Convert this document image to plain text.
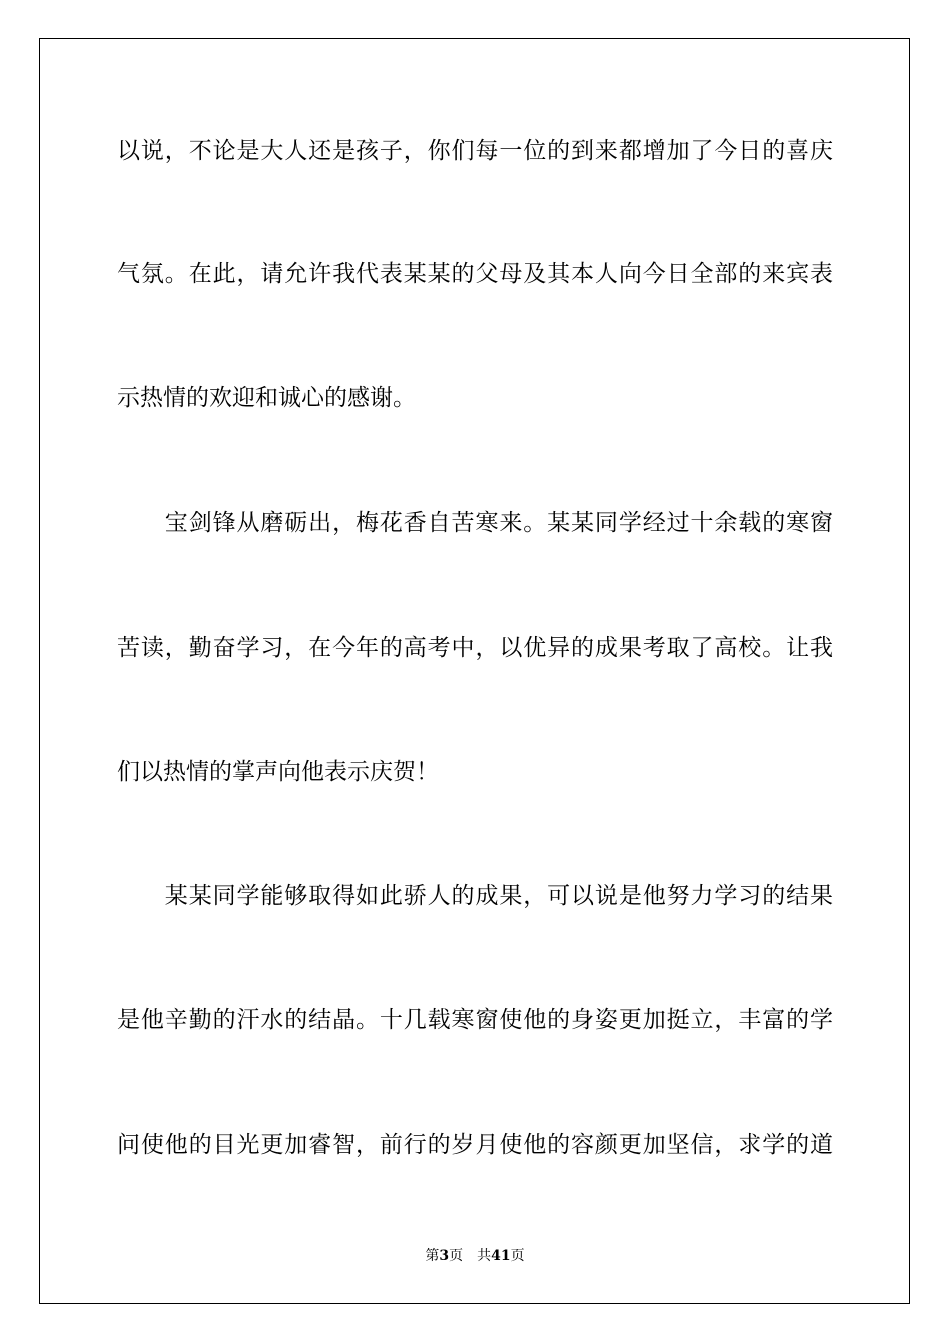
以说，不论是大人还是孩子，你们每一位的到来都增加了今日的喜庆
气氛。在此，请允许我代表某某的父母及其本人向今日全部的来宾表
示热情的欢迎和诚心的感谢。
　　宝剑锋从磨砺出，梅花香自苦寒来。某某同学经过十余载的寒窗
苦读，勤奋学习，在今年的高考中，以优异的成果考取了高校。让我
们以热情的掌声向他表示庆贺！
　　某某同学能够取得如此骄人的成果，可以说是他努力学习的结果
是他辛勤的汗水的结晶。十几载寒窗使他的身姿更加挺立，丰富的学
问使他的目光更加睿智，前行的岁月使他的容颜更加坚信，求学的道
第3页 共41页
